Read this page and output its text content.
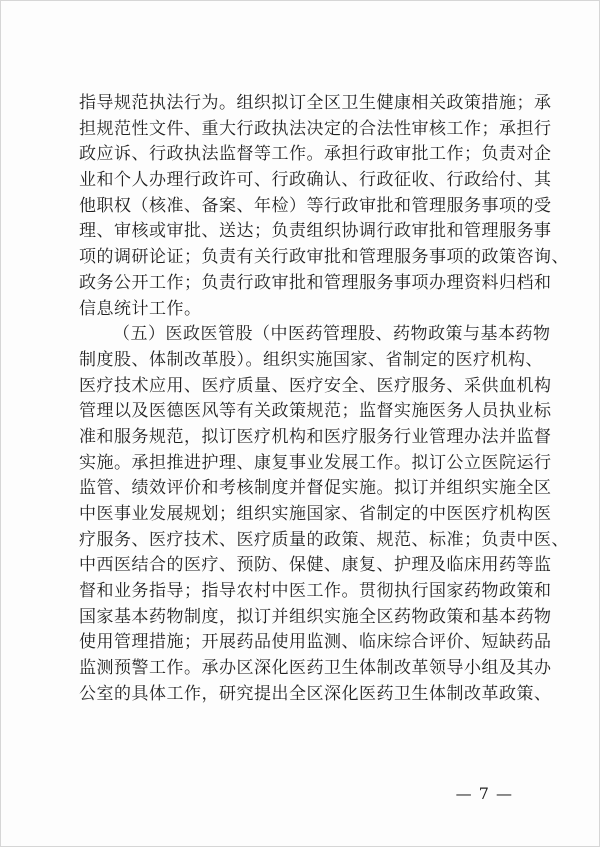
指导规范执法行为。组织拟订全区卫生健康相关政策措施；承
担规范性文件、重大行政执法决定的合法性审核工作；承担行
政应诉、行政执法监督等工作。承担行政审批工作；负责对企
业和个人办理行政许可、行政确认、行政征收、行政给付、其
他职权（核准、备案、年检）等行政审批和管理服务事项的受
理、审核或审批、送达；负责组织协调行政审批和管理服务事
项的调研论证；负责有关行政审批和管理服务事项的政策咨询、
政务公开工作；负责行政审批和管理服务事项办理资料归档和
信息统计工作。
（五）医政医管股（中医药管理股、药物政策与基本药物
制度股、体制改革股）。组织实施国家、省制定的医疗机构、
医疗技术应用、医疗质量、医疗安全、医疗服务、采供血机构
管理以及医德医风等有关政策规范；监督实施医务人员执业标
准和服务规范，拟订医疗机构和医疗服务行业管理办法并监督
实施。承担推进护理、康复事业发展工作。拟订公立医院运行
监管、绩效评价和考核制度并督促实施。拟订并组织实施全区
中医事业发展规划；组织实施国家、省制定的中医医疗机构医
疗服务、医疗技术、医疗质量的政策、规范、标准；负责中医、
中西医结合的医疗、预防、保健、康复、护理及临床用药等监
督和业务指导；指导农村中医工作。贯彻执行国家药物政策和
国家基本药物制度，拟订并组织实施全区药物政策和基本药物
使用管理措施；开展药品使用监测、临床综合评价、短缺药品
监测预警工作。承办区深化医药卫生体制改革领导小组及其办
公室的具体工作，研究提出全区深化医药卫生体制改革政策、
— 7 —
